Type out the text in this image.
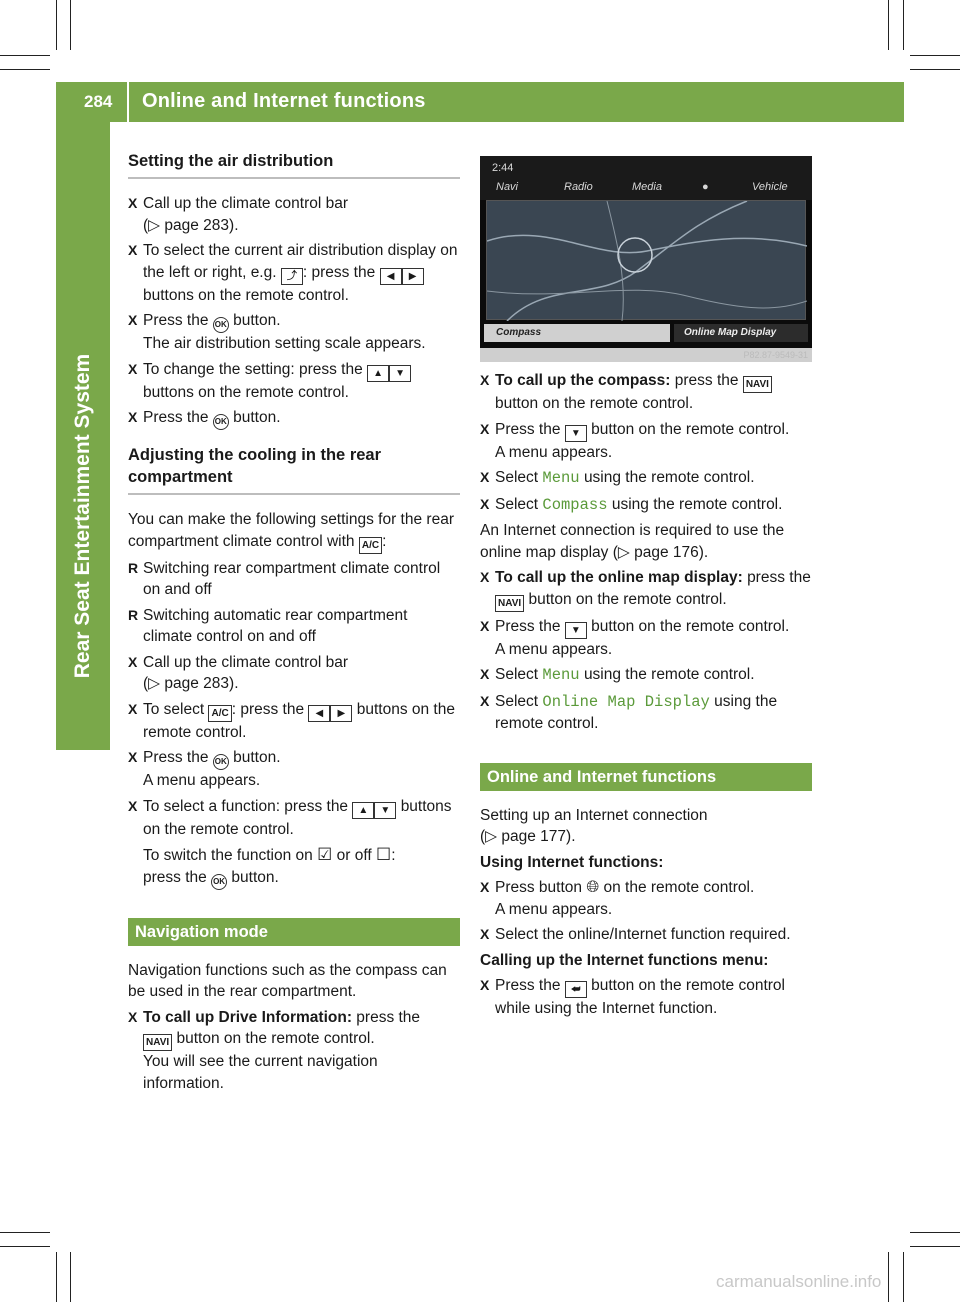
284 Online and Internet functions
Rear Seat Entertainment System
Setting the air distribution
X Call up the climate control bar
(▷ page 283).
X To select the current air distribution display on the left or right, e.g. ⤴ : press the ◀ ▶ buttons on the remote control.
X Press the OK button.
The air distribution setting scale appears.
X To change the setting: press the ▲ ▼ buttons on the remote control.
X Press the OK button.
Adjusting the cooling in the rear compartment
You can make the following settings for the rear compartment climate control with A/C :
R Switching rear compartment climate control on and off
R Switching automatic rear compartment climate control on and off
X Call up the climate control bar
(▷ page 283).
X To select A/C : press the ◀ ▶ buttons on the remote control.
X Press the OK button.
A menu appears.
X To select a function: press the ▲ ▼ buttons on the remote control.
To switch the function on ☑ or off ☐:
press the OK button.
Navigation mode
Navigation functions such as the compass can be used in the rear compartment.
X To call up Drive Information: press the
NAVI button on the remote control.
You will see the current navigation information.
2:44
Navi	Radio	Media	●	Vehicle
Compass	Online Map Display
P82.87-9549-31
X To call up the compass: press the NAVI
button on the remote control.
X Press the ▼ button on the remote control.
A menu appears.
X Select Menu using the remote control.
X Select Compass using the remote control.
An Internet connection is required to use the online map display (▷ page 176).
X To call up the online map display: press the NAVI button on the remote control.
X Press the ▼ button on the remote control.
A menu appears.
X Select Menu using the remote control.
X Select Online Map Display using the remote control.
Online and Internet functions
Setting up an Internet connection
(▷ page 177).
Using Internet functions:
X Press button 🌐︎ on the remote control.
A menu appears.
X Select the online/Internet function required.
Calling up the Internet functions menu:
X Press the ⮨ button on the remote control while using the Internet function.
carmanualsonline.info
